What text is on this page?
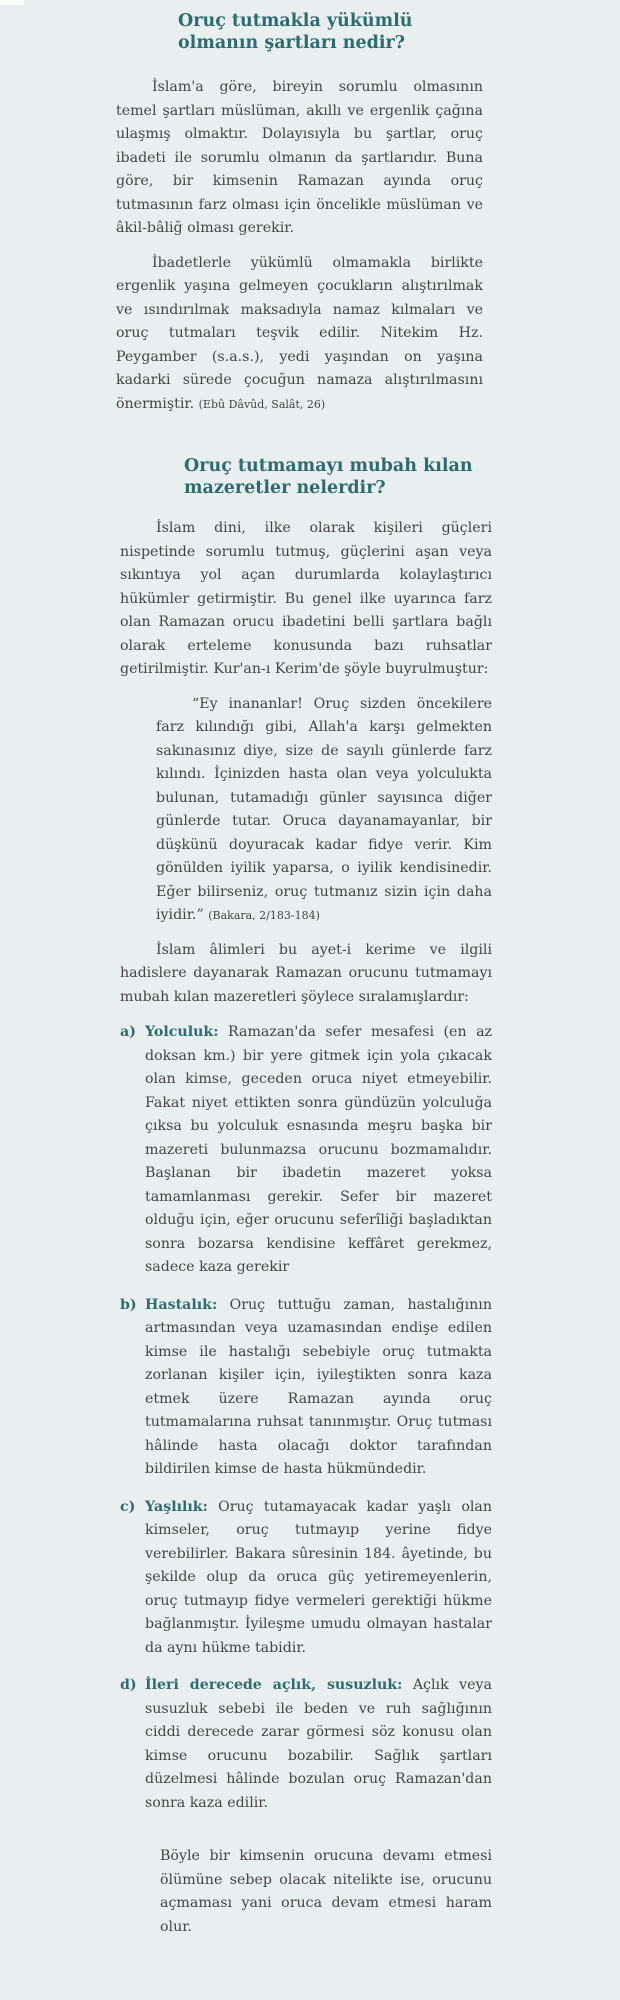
Oruç tutmakla yükümlü olmanın şartları nedir?

İslam'a göre, bireyin sorumlu olmasının temel şartları müslüman, akıllı ve ergenlik çağına ulaşmış olmaktır. Dolayısıyla bu şartlar, oruç ibadeti ile sorumlu olmanın da şartlarıdır. Buna göre, bir kimsenin Ramazan ayında oruç tutmasının farz olması için öncelikle müslüman ve âkil-bâliğ olması gerekir.

İbadetlerle yükümlü olmamakla birlikte ergenlik yaşına gelmeyen çocukların alıştırılmak ve ısındırılmak maksadıyla namaz kılmaları ve oruç tutmaları teşvik edilir. Nitekim Hz. Peygamber (s.a.s.), yedi yaşından on yaşına kadarki sürede çocuğun namaza alıştırılmasını önermiştir. (Ebû Dâvûd, Salât, 26)

Oruç tutmamayı mubah kılan mazeretler nelerdir?

İslam dini, ilke olarak kişileri güçleri nispetinde sorumlu tutmuş, güçlerini aşan veya sıkıntıya yol açan durumlarda kolaylaştırıcı hükümler getirmiştir. Bu genel ilke uyarınca farz olan Ramazan orucu ibadetini belli şartlara bağlı olarak erteleme konusunda bazı ruhsatlar getirilmiştir. Kur'an-ı Kerim'de şöyle buyrulmuştur:

“Ey inananlar! Oruç sizden öncekilere farz kılındığı gibi, Allah'a karşı gelmekten sakınasınız diye, size de sayılı günlerde farz kılındı. İçinizden hasta olan veya yolculukta bulunan, tutamadığı günler sayısınca diğer günlerde tutar. Oruca dayanamayanlar, bir düşkünü doyuracak kadar fidye verir. Kim gönülden iyilik yaparsa, o iyilik kendisinedir. Eğer bilirseniz, oruç tutmanız sizin için daha iyidir.” (Bakara, 2/183-184)

İslam âlimleri bu ayet-i kerime ve ilgili hadislere dayanarak Ramazan orucunu tutmamayı mubah kılan mazeretleri şöylece sıralamışlardır:

a) Yolculuk: Ramazan'da sefer mesafesi (en az doksan km.) bir yere gitmek için yola çıkacak olan kimse, geceden oruca niyet etmeyebilir. Fakat niyet ettikten sonra gündüzün yolculuğa çıksa bu yolculuk esnasında meşru başka bir mazereti bulunmazsa orucunu bozmamalıdır. Başlanan bir ibadetin mazeret yoksa tamamlanması gerekir. Sefer bir mazeret olduğu için, eğer orucunu seferîliği başladıktan sonra bozarsa kendisine keffâret gerekmez, sadece kaza gerekir

b) Hastalık: Oruç tuttuğu zaman, hastalığının artmasından veya uzamasından endişe edilen kimse ile hastalığı sebebiyle oruç tutmakta zorlanan kişiler için, iyileştikten sonra kaza etmek üzere Ramazan ayında oruç tutmamalarına ruhsat tanınmıştır. Oruç tutması hâlinde hasta olacağı doktor tarafından bildirilen kimse de hasta hükmündedir.

c) Yaşlılık: Oruç tutamayacak kadar yaşlı olan kimseler, oruç tutmayıp yerine fidye verebilirler. Bakara sûresinin 184. âyetinde, bu şekilde olup da oruca güç yetiremeyenlerin, oruç tutmayıp fidye vermeleri gerektiği hükme bağlanmıştır. İyileşme umudu olmayan hastalar da aynı hükme tabidir.

d) İleri derecede açlık, susuzluk: Açlık veya susuzluk sebebi ile beden ve ruh sağlığının ciddi derecede zarar görmesi söz konusu olan kimse orucunu bozabilir. Sağlık şartları düzelmesi hâlinde bozulan oruç Ramazan'dan sonra kaza edilir.

Böyle bir kimsenin orucuna devamı etmesi ölümüne sebep olacak nitelikte ise, orucunu açmaması yani oruca devam etmesi haram olur.
